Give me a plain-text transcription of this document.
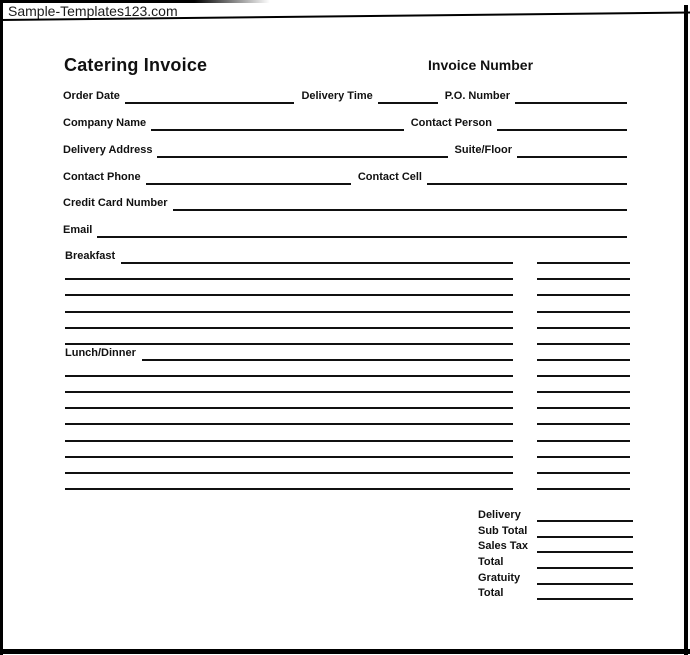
Sample-Templates123.com
Catering Invoice	Invoice Number
Order Date	Delivery Time	P.O. Number
Company Name	Contact Person
Delivery Address	Suite/Floor
Contact Phone	Contact Cell
Credit Card Number
Email
Breakfast
Lunch/Dinner
Delivery
Sub Total
Sales Tax
Total
Gratuity
Total
